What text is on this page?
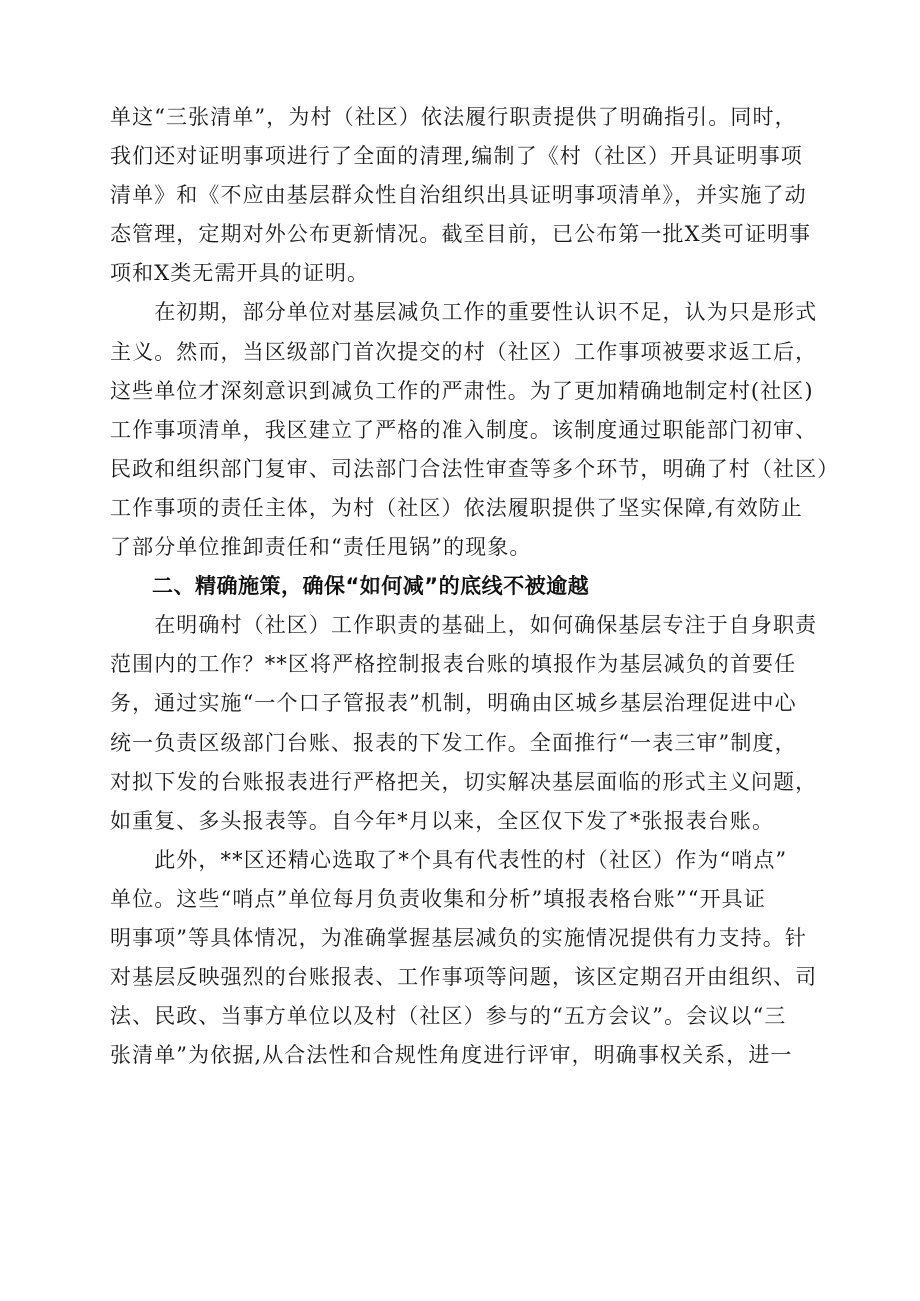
单这“三张清单”，为村（社区）依法履行职责提供了明确指引。同时，
我们还对证明事项进行了全面的清理,编制了《村（社区）开具证明事项
清单》和《不应由基层群众性自治组织出具证明事项清单》，并实施了动
态管理，定期对外公布更新情况。截至目前，已公布第一批X类可证明事
项和X类无需开具的证明。
　　在初期，部分单位对基层减负工作的重要性认识不足，认为只是形式
主义。然而，当区级部门首次提交的村（社区）工作事项被要求返工后，
这些单位才深刻意识到减负工作的严肃性。为了更加精确地制定村(社区)
工作事项清单，我区建立了严格的准入制度。该制度通过职能部门初审、
民政和组织部门复审、司法部门合法性审查等多个环节，明确了村（社区）
工作事项的责任主体，为村（社区）依法履职提供了坚实保障,有效防止
了部分单位推卸责任和“责任甩锅”的现象。
二、精确施策，确保“如何减”的底线不被逾越
　　在明确村（社区）工作职责的基础上，如何确保基层专注于自身职责
范围内的工作？**区将严格控制报表台账的填报作为基层减负的首要任
务，通过实施“一个口子管报表”机制，明确由区城乡基层治理促进中心
统一负责区级部门台账、报表的下发工作。全面推行“一表三审”制度，
对拟下发的台账报表进行严格把关，切实解决基层面临的形式主义问题，
如重复、多头报表等。自今年*月以来，全区仅下发了*张报表台账。
　　此外，**区还精心选取了*个具有代表性的村（社区）作为“哨点”
单位。这些“哨点”单位每月负责收集和分析”填报表格台账”“开具证
明事项”等具体情况，为准确掌握基层减负的实施情况提供有力支持。针
对基层反映强烈的台账报表、工作事项等问题，该区定期召开由组织、司
法、民政、当事方单位以及村（社区）参与的“五方会议”。会议以“三
张清单”为依据,从合法性和合规性角度进行评审，明确事权关系，进一
